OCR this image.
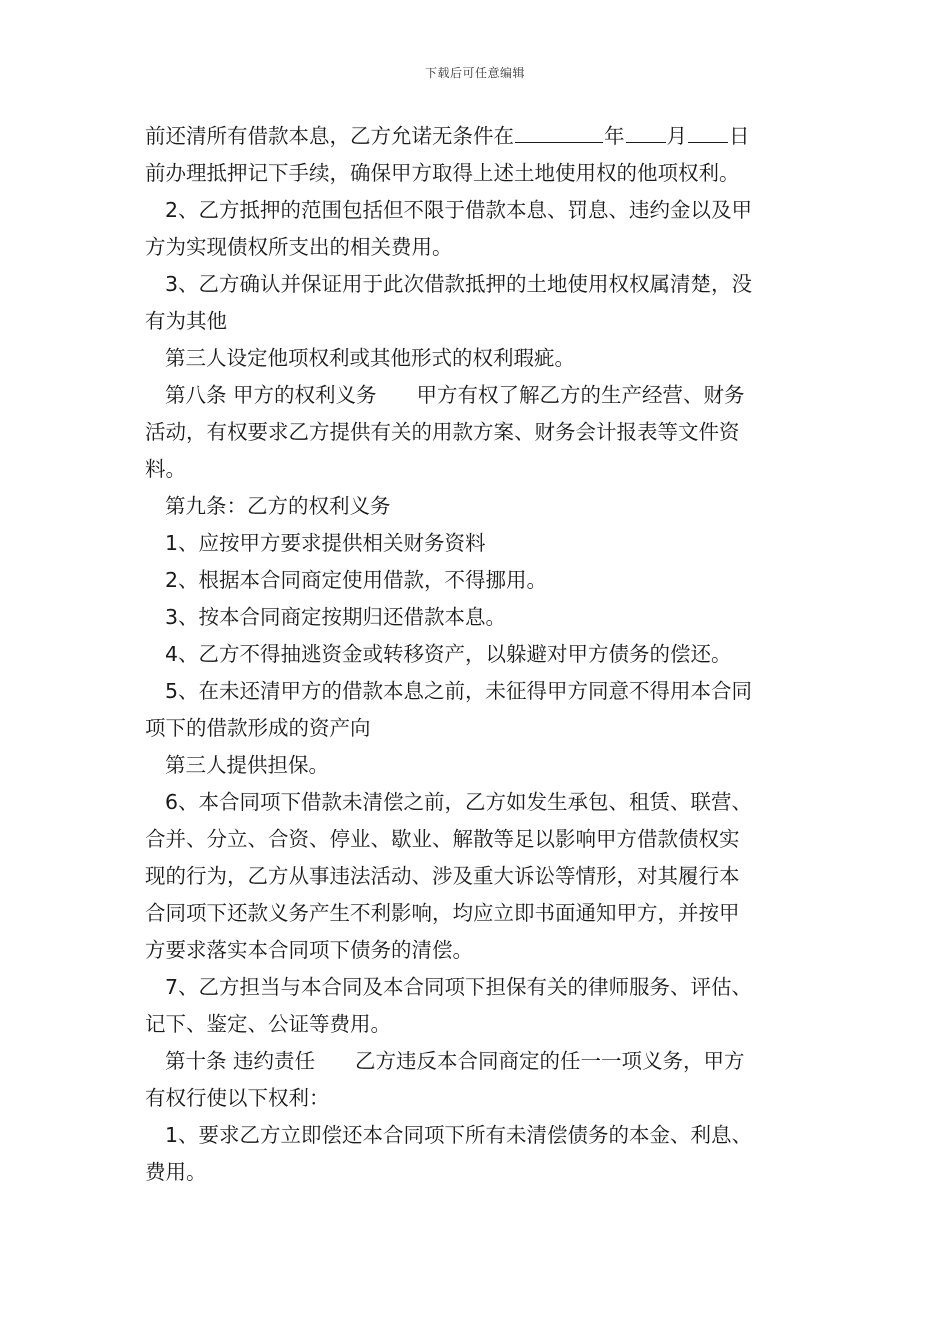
下载后可任意编辑
前还清所有借款本息，乙方允诺无条件在	年 月 日
前办理抵押记下手续，确保甲方取得上述土地使用权的他项权利。
2、乙方抵押的范围包括但不限于借款本息、罚息、违约金以及甲
方为实现债权所支出的相关费用。
3、乙方确认并保证用于此次借款抵押的土地使用权权属清楚，没
有为其他
第三人设定他项权利或其他形式的权利瑕疵。
第八条 甲方的权利义务 甲方有权了解乙方的生产经营、财务
活动，有权要求乙方提供有关的用款方案、财务会计报表等文件资
料。
第九条：乙方的权利义务
1、应按甲方要求提供相关财务资料
2、根据本合同商定使用借款，不得挪用。
3、按本合同商定按期归还借款本息。
4、乙方不得抽逃资金或转移资产，以躲避对甲方债务的偿还。
5、在未还清甲方的借款本息之前，未征得甲方同意不得用本合同
项下的借款形成的资产向
第三人提供担保。
6、本合同项下借款未清偿之前，乙方如发生承包、租赁、联营、
合并、分立、合资、停业、歇业、解散等足以影响甲方借款债权实
现的行为，乙方从事违法活动、涉及重大诉讼等情形，对其履行本
合同项下还款义务产生不利影响，均应立即书面通知甲方，并按甲
方要求落实本合同项下债务的清偿。
7、乙方担当与本合同及本合同项下担保有关的律师服务、评估、
记下、鉴定、公证等费用。
第十条 违约责任 乙方违反本合同商定的任一一项义务，甲方
有权行使以下权利：
1、要求乙方立即偿还本合同项下所有未清偿债务的本金、利息、
费用。
